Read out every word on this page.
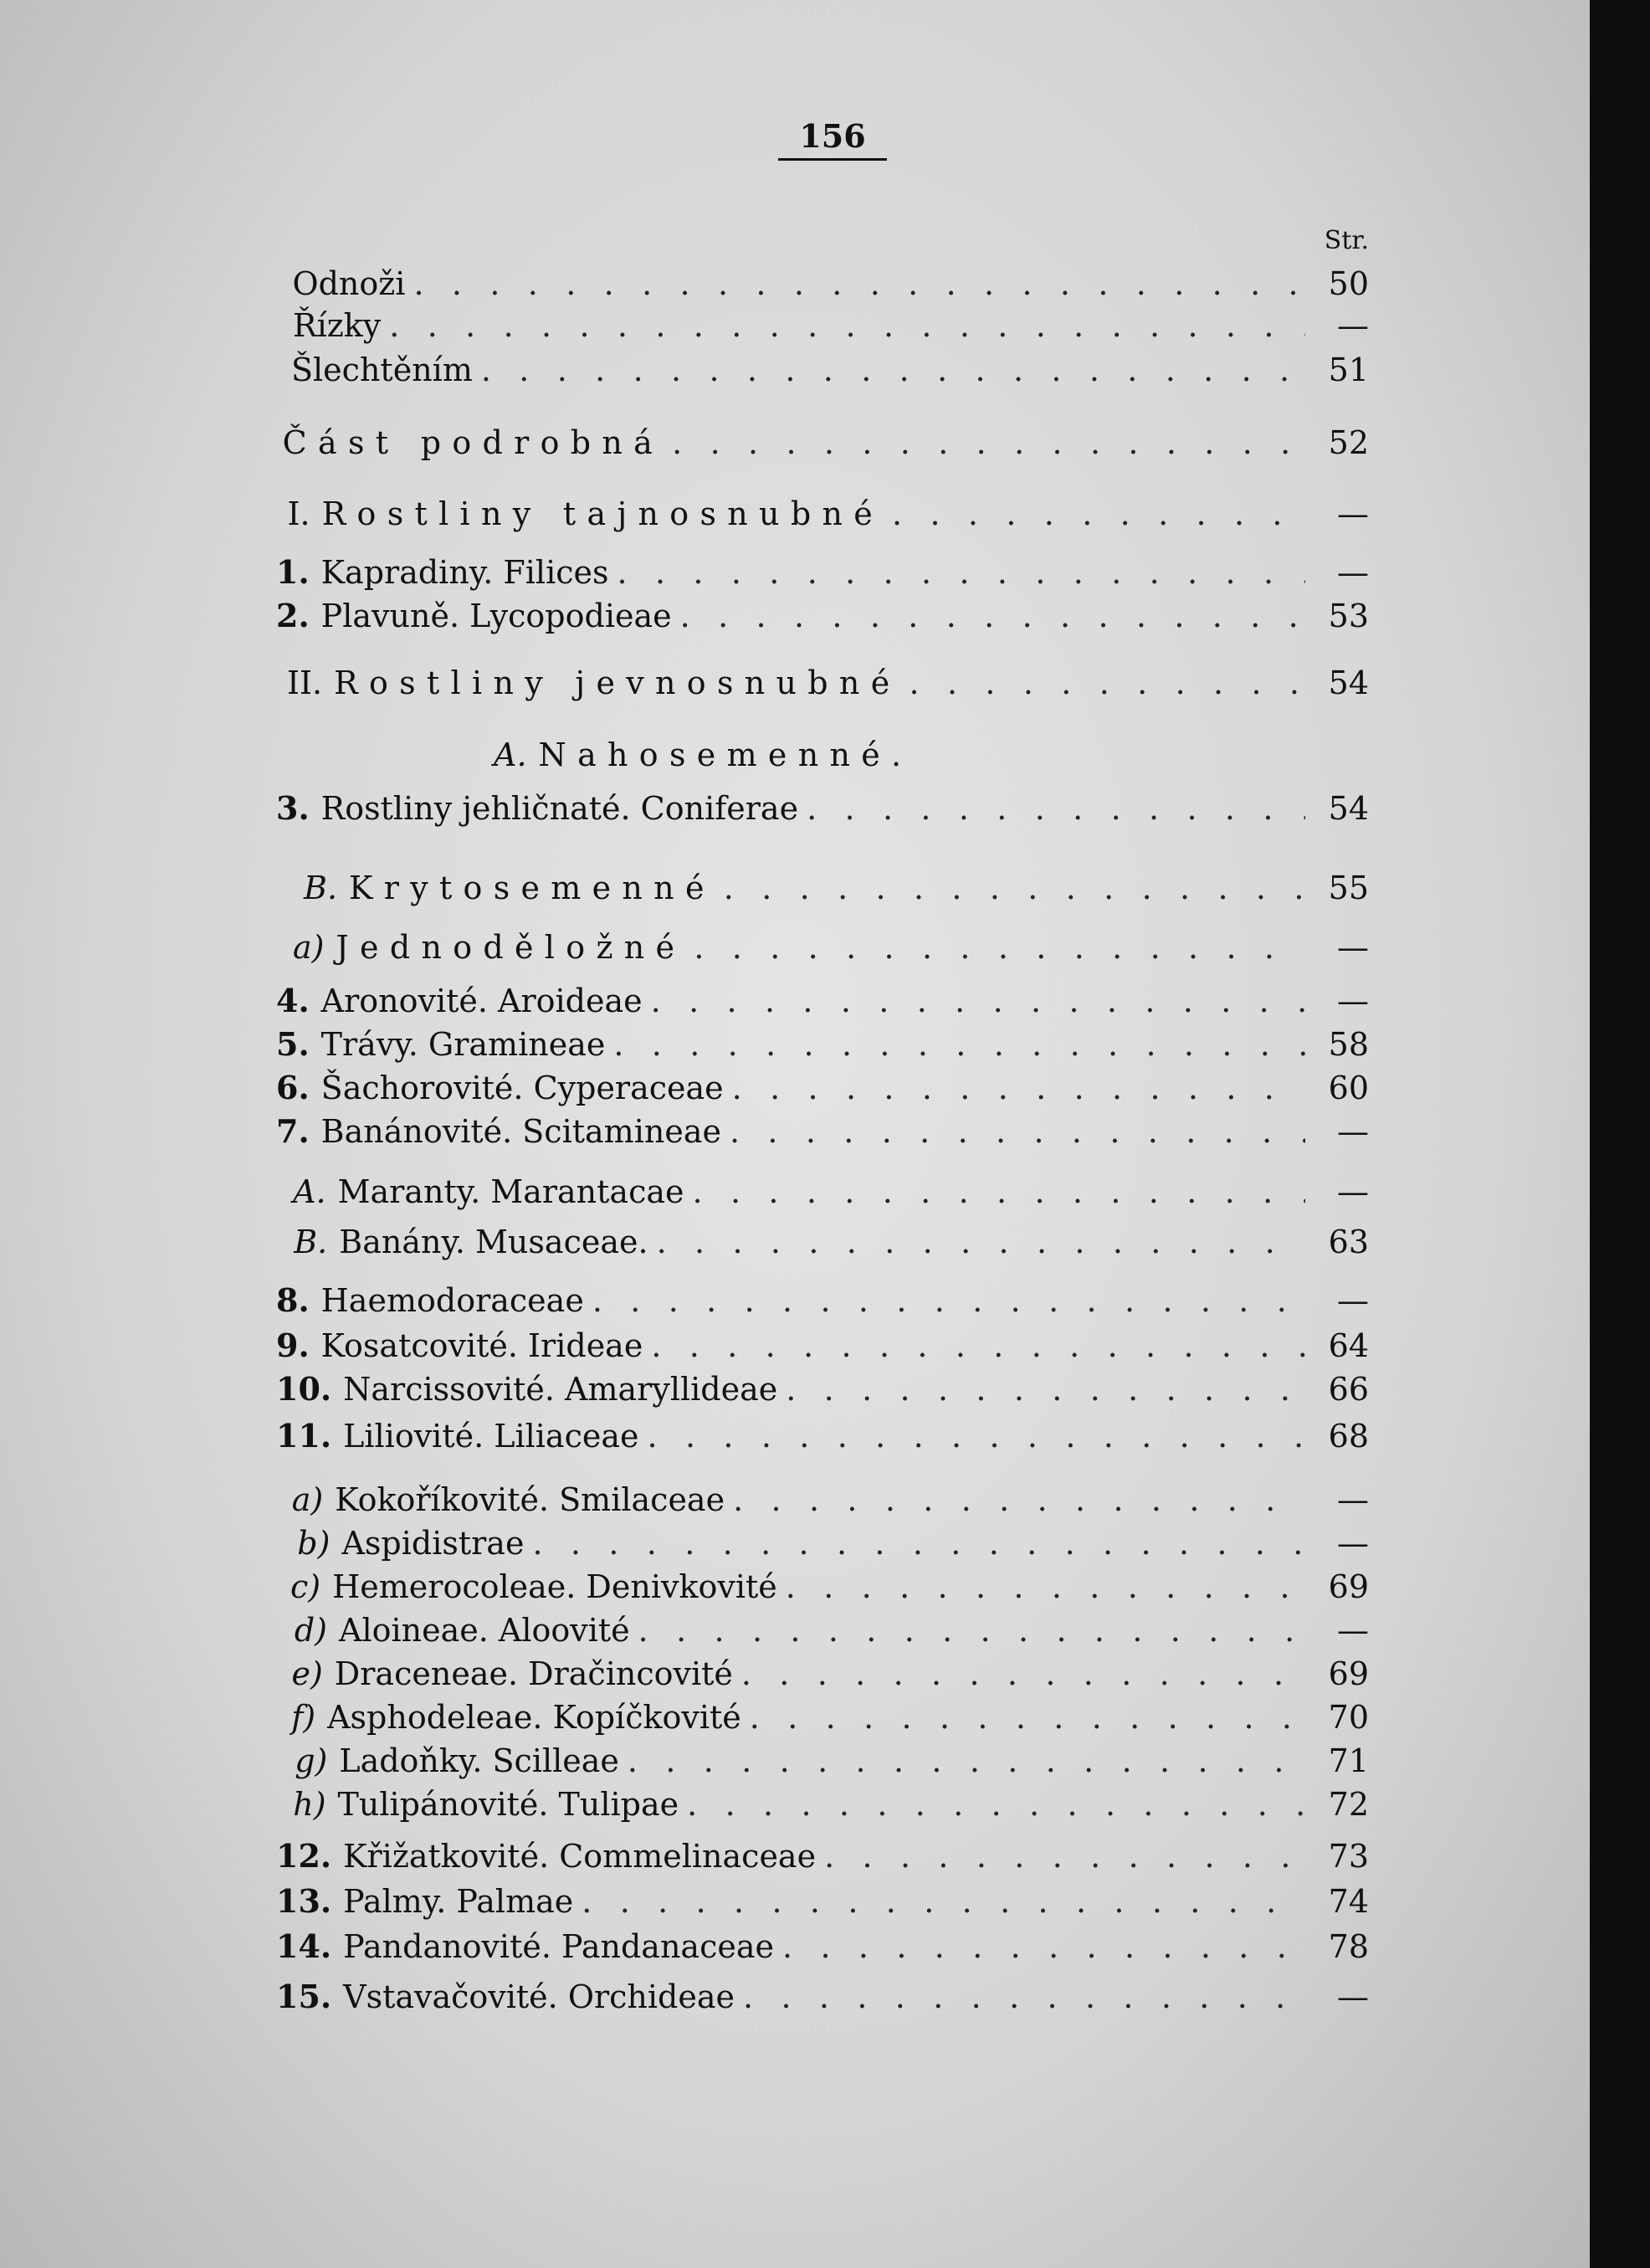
156
Str.
Odnoži . . .	50
Řízky . . .	—
Šlechtěním . . .	51
Část podrobná . . .	52
I. Rostliny tajnosnubné . . .	—
1. Kapradiny. Filices . . .	—
2. Plavuně. Lycopodieae . . .	53
II. Rostliny jevnosnubné . . .	54
A. Nahosemenné.
3. Rostliny jehličnaté. Coniferae . . .	54
B. Krytosemenné . . .	55
a) Jednoděložné . . .	—
4. Aronovité. Aroideae . . .	—
5. Trávy. Gramineae . . .	58
6. Šachorovité. Cyperaceae . . .	60
7. Banánovité. Scitamineae . . .	—
A. Maranty. Marantacae . . .	—
B. Banány. Musaceae. . . .	63
8. Haemodoraceae . . .	—
9. Kosatcovité. Irideae . . .	64
10. Narcissovité. Amaryllideae . . .	66
11. Liliovité. Liliaceae . . .	68
a) Kokoříkovité. Smilaceae . . .	—
b) Aspidistrae . . .	—
c) Hemerocoleae. Denivkovité . . .	69
d) Aloineae. Aloovité . . .	—
e) Draceneae. Dračincovité . . .	69
f) Asphodeleae. Kopíčkovité . . .	70
g) Ladoňky. Scilleae . . .	71
h) Tulipánovité. Tulipae . . .	72
12. Křižatkovité. Commelinaceae . . .	73
13. Palmy. Palmae . . .	74
14. Pandanovité. Pandanaceae . . .	78
15. Vstavačovité. Orchideae . . .	—
